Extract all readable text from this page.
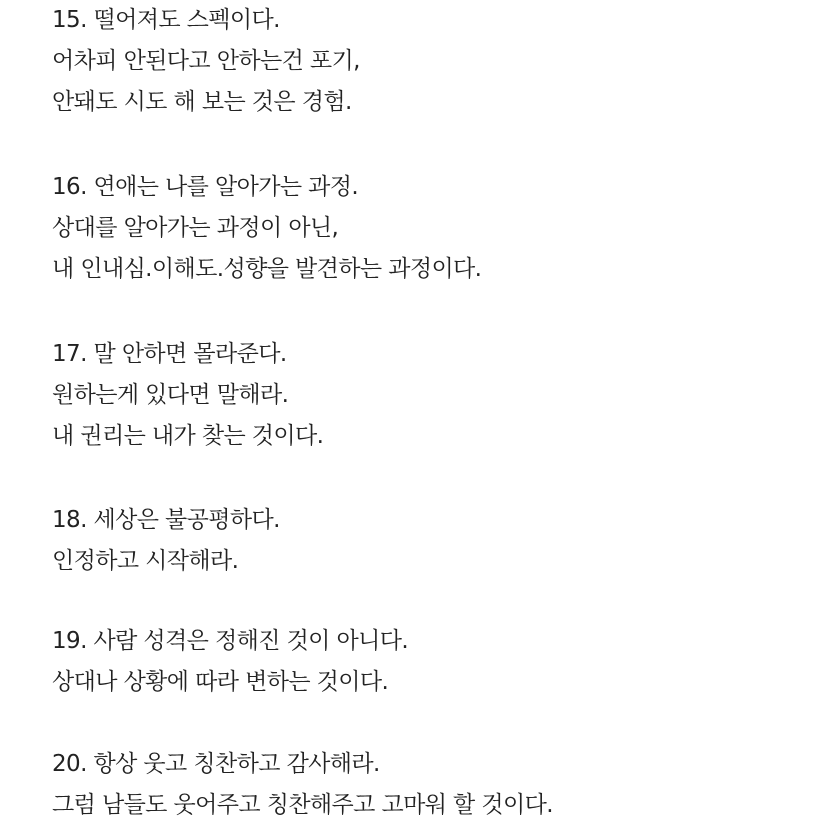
15. 떨어져도 스펙이다.
어차피 안된다고 안하는건 포기,
안돼도 시도 해 보는 것은 경험.
16. 연애는 나를 알아가는 과정.
상대를 알아가는 과정이 아닌,
내 인내심.이해도.성향을 발견하는 과정이다.
17. 말 안하면 몰라준다.
원하는게 있다면 말해라.
내 권리는 내가 찾는 것이다.
18. 세상은 불공평하다.
인정하고 시작해라.
19. 사람 성격은 정해진 것이 아니다.
상대나 상황에 따라 변하는 것이다.
20. 항상 웃고 칭찬하고 감사해라.
그럼 남들도 웃어주고 칭찬해주고 고마워 할 것이다.
